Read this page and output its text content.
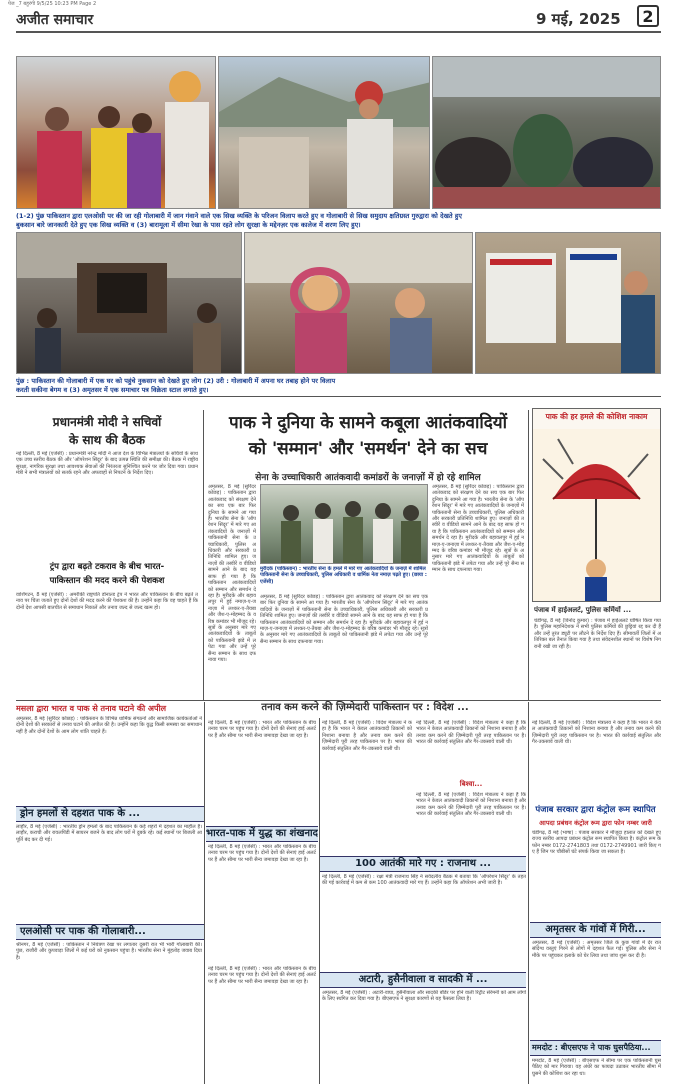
पेज _7 बहुरंगी 9/5/25 10:23 PM Page 2
अजीत समाचार	9 मई, 2025	2
(1-2) पुंछ पाकिस्तान द्वारा एलओसी पर की जा रही गोलाबारी में जान गंवाने वाले एक सिख व्यक्ति के परिजन विलाप करते हुए व गोलाबारी से सिख समुदाय क्षतिग्रस्त गुरुद्वारा को देखते हुए
बुकसान बारे जानकारी देते हुए एक सिख व्यक्ति व (3) बारामूला में सीमा रेखा के पास रहते लोग सुरक्षा के मद्देनज़र एक कालेज में शरण लिए हुए।
पुंछ : पाकिस्तान की गोलाबारी में एक घर को पहुंचे नुकसान को देखते हुए लोग (2) उरी : गोलाबारी में अपना घर तबाह होने पर विलाप
करती सकीना बेगम व (3) अमृतसर में एक समाचार पत्र विक्रेता स्टाल लगाते हुए।
प्रधानमंत्री मोदी ने सचिवों
के साथ की बैठक
नई दिल्ली, 8 मई (एजेंसी) : प्रधानमंत्री नरेन्द्र मोदी ने आज देश के विभिन्न मंत्रालयों के सचिवों के साथ एक उच्च स्तरीय बैठक की और 'ऑपरेशन सिंदूर' के बाद उत्पन्न स्थिति की समीक्षा की। बैठक में राष्ट्रीय सुरक्षा, नागरिक सुरक्षा तथा आवश्यक सेवाओं की निरंतरता सुनिश्चित करने पर जोर दिया गया। प्रधानमंत्री ने सभी मंत्रालयों को सतर्क रहने और अफवाहों से निपटने के निर्देश दिए।
ट्रंप द्वारा बढ़ते टकराव के बीच भारत-
पाकिस्तान की मदद करने की पेशकश
वाशिंगटन, 8 मई (एजेंसी) : अमरीकी राष्ट्रपति डोनाल्ड ट्रंप ने भारत और पाकिस्तान के बीच बढ़ते तनाव पर चिंता जताते हुए दोनों देशों की मदद करने की पेशकश की है। उन्होंने कहा कि वह चाहते हैं कि दोनों देश आपसी बातचीत से समाधान निकालें और तनाव जल्द से जल्द खत्म हो।
पाक ने दुनिया के सामने कबूला आतंकवादियों
को 'सम्मान' और 'समर्थन' देने का सच
सेना के उच्चाधिकारी आतंकवादी कमांडरों के जनाज़ों में हो रहे शामिल
मुरीदके (पाकिस्तान) : भारतीय सेना के हमले में मारे गए आतंकवादियों के जनाज़े में शामिल पाकिस्तानी सेना के उच्चाधिकारी, पुलिस अधिकारी व धार्मिक नेता नमाज़ पढ़ते हुए। (छाया : एजेंसी)
अमृतसर, 8 मई (सुरिंदर कोछड़) : पाकिस्तान द्वारा आतंकवाद को संरक्षण देने का सच एक बार फिर दुनिया के सामने आ गया है। भारतीय सेना के 'ऑपरेशन सिंदूर' में मारे गए आतंकवादियों के जनाज़ों में पाकिस्तानी सेना के उच्चाधिकारी, पुलिस अधिकारी और सरकारी प्रतिनिधि शामिल हुए। जनाज़ों की तस्वीरें व वीडियो सामने आने के बाद यह साफ हो गया है कि पाकिस्तान आतंकवादियों को सम्मान और समर्थन दे रहा है। मुरीदके और बहावलपुर में हुई नमाज़-ए-जनाज़ा में लश्कर-ए-तैयबा और जैश-ए-मोहम्मद के वरिष्ठ कमांडर भी मौजूद रहे। सूत्रों के अनुसार मारे गए आतंकवादियों के ताबूतों को पाकिस्तानी झंडे में लपेटा गया और उन्हें पूरे सैन्य सम्मान के साथ दफनाया गया।
अमृतसर, 8 मई (सुरिंदर कोछड़) : पाकिस्तान द्वारा आतंकवाद को संरक्षण देने का सच एक बार फिर दुनिया के सामने आ गया है। भारतीय सेना के 'ऑपरेशन सिंदूर' में मारे गए आतंकवादियों के जनाज़ों में पाकिस्तानी सेना के उच्चाधिकारी, पुलिस अधिकारी और सरकारी प्रतिनिधि शामिल हुए। जनाज़ों की तस्वीरें व वीडियो सामने आने के बाद यह साफ हो गया है कि पाकिस्तान आतंकवादियों को सम्मान और समर्थन दे रहा है। मुरीदके और बहावलपुर में हुई नमाज़-ए-जनाज़ा में लश्कर-ए-तैयबा और जैश-ए-मोहम्मद के वरिष्ठ कमांडर भी मौजूद रहे। सूत्रों के अनुसार मारे गए आतंकवादियों के ताबूतों को पाकिस्तानी झंडे में लपेटा गया और उन्हें पूरे सैन्य सम्मान के साथ दफनाया गया।
अमृतसर, 8 मई (सुरिंदर कोछड़) : पाकिस्तान द्वारा आतंकवाद को संरक्षण देने का सच एक बार फिर दुनिया के सामने आ गया है। भारतीय सेना के 'ऑपरेशन सिंदूर' में मारे गए आतंकवादियों के जनाज़ों में पाकिस्तानी सेना के उच्चाधिकारी, पुलिस अधिकारी और सरकारी प्रतिनिधि शामिल हुए। जनाज़ों की तस्वीरें व वीडियो सामने आने के बाद यह साफ हो गया है कि पाकिस्तान आतंकवादियों को सम्मान और समर्थन दे रहा है। मुरीदके और बहावलपुर में हुई नमाज़-ए-जनाज़ा में लश्कर-ए-तैयबा और जैश-ए-मोहम्मद के वरिष्ठ कमांडर भी मौजूद रहे। सूत्रों के अनुसार मारे गए आतंकवादियों के ताबूतों को पाकिस्तानी झंडे में लपेटा गया और उन्हें पूरे सैन्य सम्मान के साथ दफनाया गया।
पाक की हर हमले की कोशिश नाकाम
पंजाब में हाईअलर्ट, पुलिस कर्मियों ...
चंडीगढ़, 8 मई (विनोद कुमार) : पंजाब में हाईअलर्ट घोषित किया गया है। पुलिस महानिदेशक ने सभी पुलिस कर्मियों की छुट्टियां रद्द कर दी हैं और उन्हें तुरंत ड्यूटी पर लौटने के निर्देश दिए हैं। सीमावर्ती जिलों में अतिरिक्त बल तैनात किया गया है तथा संवेदनशील स्थानों पर विशेष निगरानी रखी जा रही है।
तनाव कम करने की ज़िम्मेदारी पाकिस्तान पर : विदेश ...
मसला द्वारा भारत व पाक से तनाव घटाने की अपील
अमृतसर, 8 मई (सुरिंदर कोछड़) : पाकिस्तान के विभिन्न धार्मिक संगठनों और सामाजिक कार्यकर्ताओं ने दोनों देशों की सरकारों से तनाव घटाने की अपील की है। उन्होंने कहा कि युद्ध किसी समस्या का समाधान नहीं है और दोनों देशों के आम लोग शांति चाहते हैं।
ड्रोन हमलों से दहशत पाक के ...
लाहौर, 8 मई (एजेंसी) : भारतीय ड्रोन हमलों के बाद पाकिस्तान के कई शहरों में दहशत का माहौल है। लाहौर, कराची और रावलपिंडी में सायरन बजने के बाद लोग घरों में दुबके रहे। कई स्थानों पर बिजली आपूर्ति बंद कर दी गई।
एलओसी पर पाक की गोलाबारी...
श्रीनगर, 8 मई (एजेंसी) : पाकिस्तान ने नियंत्रण रेखा पर लगातार दूसरी रात भी भारी गोलाबारी की। पुंछ, राजौरी और कुपवाड़ा जिलों में कई घरों को नुकसान पहुंचा है। भारतीय सेना ने मुंहतोड़ जवाब दिया है।
नई दिल्ली, 8 मई (एजेंसी) : भारत और पाकिस्तान के बीच तनाव चरम पर पहुंच गया है। दोनों देशों की सेनाएं हाई अलर्ट पर हैं और सीमा पर भारी सैन्य जमावड़ा देखा जा रहा है।
भारत-पाक में युद्ध का शंखनाद
नई दिल्ली, 8 मई (एजेंसी) : भारत और पाकिस्तान के बीच तनाव चरम पर पहुंच गया है। दोनों देशों की सेनाएं हाई अलर्ट पर हैं और सीमा पर भारी सैन्य जमावड़ा देखा जा रहा है।
नई दिल्ली, 8 मई (एजेंसी) : विदेश मंत्रालय ने कहा है कि भारत ने केवल आतंकवादी ठिकानों को निशाना बनाया है और तनाव कम करने की ज़िम्मेदारी पूरी तरह पाकिस्तान पर है। भारत की कार्रवाई संतुलित और गैर-उकसावे वाली थी।
नई दिल्ली, 8 मई (एजेंसी) : विदेश मंत्रालय ने कहा है कि भारत ने केवल आतंकवादी ठिकानों को निशाना बनाया है और तनाव कम करने की ज़िम्मेदारी पूरी तरह पाकिस्तान पर है। भारत की कार्रवाई संतुलित और गैर-उकसावे वाली थी।
बिश्वा...
नई दिल्ली, 8 मई (एजेंसी) : विदेश मंत्रालय ने कहा है कि भारत ने केवल आतंकवादी ठिकानों को निशाना बनाया है और तनाव कम करने की ज़िम्मेदारी पूरी तरह पाकिस्तान पर है। भारत की कार्रवाई संतुलित और गैर-उकसावे वाली थी।
100 आतंकी मारे गए : राजनाथ ...
नई दिल्ली, 8 मई (एजेंसी) : रक्षा मंत्री राजनाथ सिंह ने सर्वदलीय बैठक में बताया कि 'ऑपरेशन सिंदूर' के तहत की गई कार्रवाई में कम से कम 100 आतंकवादी मारे गए हैं। उन्होंने कहा कि ऑपरेशन अभी जारी है।
नई दिल्ली, 8 मई (एजेंसी) : भारत और पाकिस्तान के बीच तनाव चरम पर पहुंच गया है। दोनों देशों की सेनाएं हाई अलर्ट पर हैं और सीमा पर भारी सैन्य जमावड़ा देखा जा रहा है।	अटारी, हुसैनीवाला व सादकी में ...
अमृतसर, 8 मई (एजेंसी) : अटारी-वाघा, हुसैनीवाला और सादकी बॉर्डर पर होने वाली रिट्रीट सेरेमनी को आम लोगों के लिए स्थगित कर दिया गया है। बीएसएफ ने सुरक्षा कारणों से यह फैसला लिया है।
नई दिल्ली, 8 मई (एजेंसी) : विदेश मंत्रालय ने कहा है कि भारत ने केवल आतंकवादी ठिकानों को निशाना बनाया है और तनाव कम करने की ज़िम्मेदारी पूरी तरह पाकिस्तान पर है। भारत की कार्रवाई संतुलित और गैर-उकसावे वाली थी।
पंजाब सरकार द्वारा कंट्रोल रूम स्थापित
आपदा प्रबंधन कंट्रोल रूम द्वारा फोन नम्बर जारी
चंडीगढ़, 8 मई (भाषा) : पंजाब सरकार ने मौजूदा हालात को देखते हुए राज्य स्तरीय आपदा प्रबंधन कंट्रोल रूम स्थापित किया है। कंट्रोल रूम के फोन नम्बर 0172-2741803 तथा 0172-2749901 जारी किए गए हैं जिन पर चौबीसों घंटे संपर्क किया जा सकता है।
अमृतसर के गांवों में गिरी...
अमृतसर, 8 मई (एजेंसी) : अमृतसर जिले के कुछ गांवों में देर रात संदिग्ध वस्तुएं गिरने से लोगों में दहशत फैल गई। पुलिस और सेना ने मौके पर पहुंचकर इलाके को घेर लिया तथा जांच शुरू कर दी है।
ममदोट : बीएसएफ ने पाक घुसपैठिया...
ममदोट, 8 मई (एजेंसी) : बीएसएफ ने सीमा पर एक पाकिस्तानी घुसपैठिए को मार गिराया। वह अंधेरे का फायदा उठाकर भारतीय सीमा में घुसने की कोशिश कर रहा था।
